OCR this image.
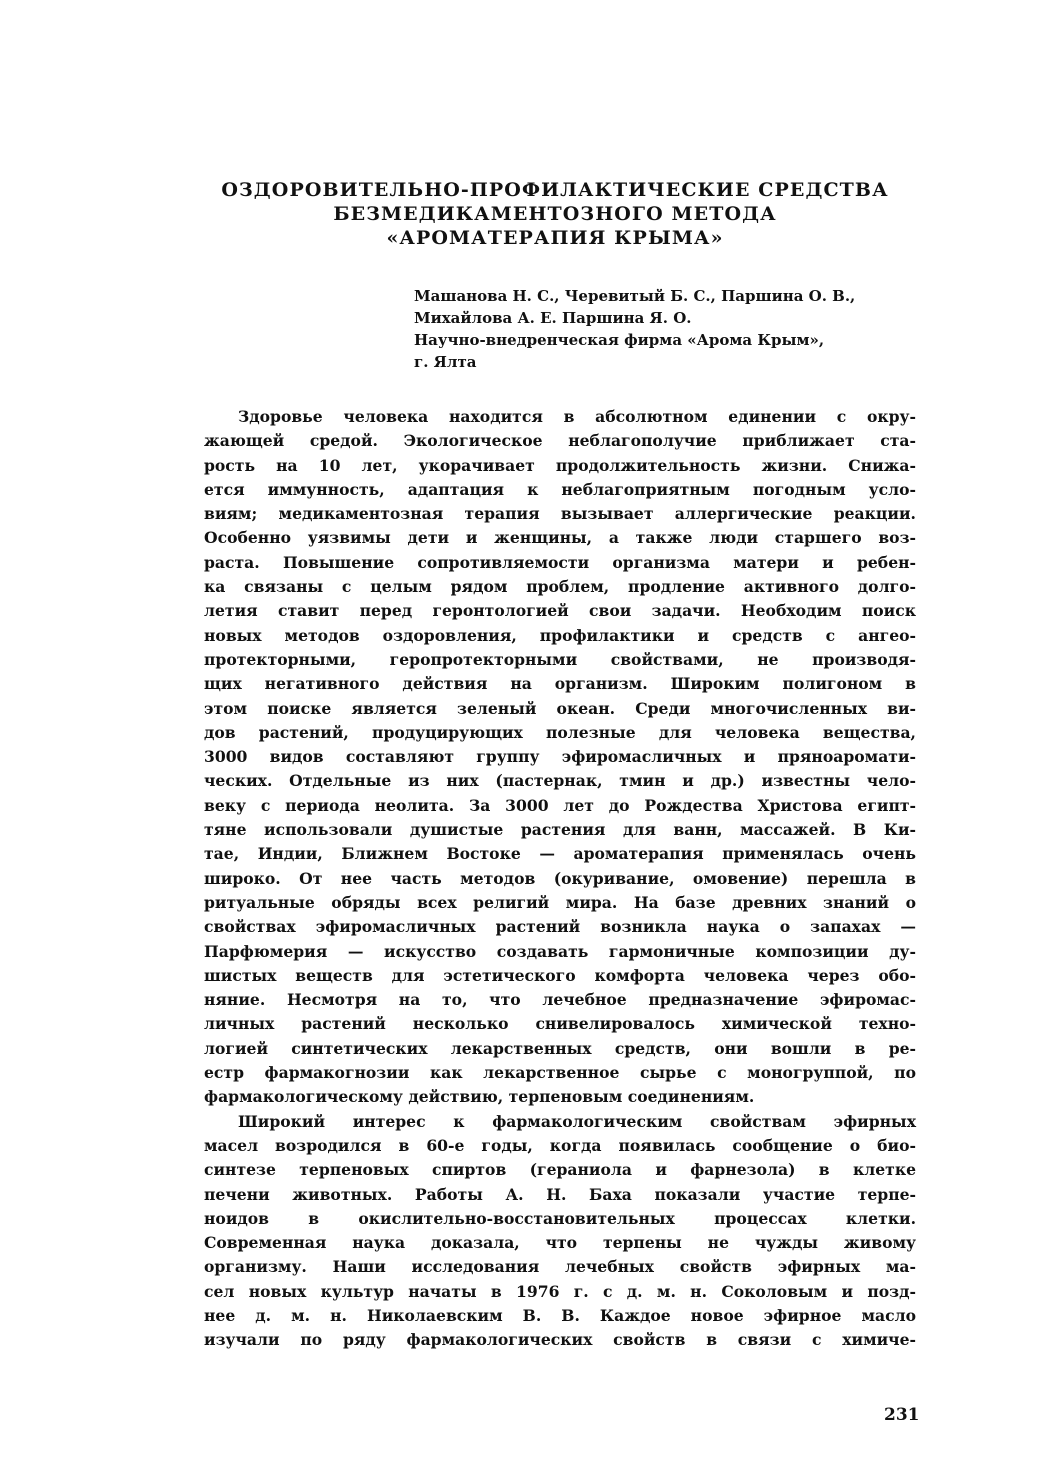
ОЗДОРОВИТЕЛЬНО-ПРОФИЛАКТИЧЕСКИЕ СРЕДСТВА
БЕЗМЕДИКАМЕНТОЗНОГО МЕТОДА
«АРОМАТЕРАПИЯ КРЫМА»
Машанова Н. С., Черевитый Б. С., Паршина О. В.,
Михайлова А. Е. Паршина Я. О.
Научно-внедренческая фирма «Арома Крым»,
г. Ялта

Здоровье человека находится в абсолютном единении с окру-
жающей средой. Экологическое неблагополучие приближает ста-
рость на 10 лет, укорачивает продолжительность жизни. Снижа-
ется иммунность, адаптация к неблагоприятным погодным усло-
виям; медикаментозная терапия вызывает аллергические реакции.
Особенно уязвимы дети и женщины, а также люди старшего воз-
раста. Повышение сопротивляемости организма матери и ребен-
ка связаны с целым рядом проблем, продление активного долго-
летия ставит перед геронтологией свои задачи. Необходим поиск
новых методов оздоровления, профилактики и средств с ангео-
протекторными, геропротекторными свойствами, не производя-
щих негативного действия на организм. Широким полигоном в
этом поиске является зеленый океан. Среди многочисленных ви-
дов растений, продуцирующих полезные для человека вещества,
3000 видов составляют группу эфиромасличных и пряноаромати-
ческих. Отдельные из них (пастернак, тмин и др.) известны чело-
веку с периода неолита. За 3000 лет до Рождества Христова египт-
тяне использовали душистые растения для ванн, массажей. В Ки-
тае, Индии, Ближнем Востоке — ароматерапия применялась очень
широко. От нее часть методов (окуривание, омовение) перешла в
ритуальные обряды всех религий мира. На базе древних знаний о
свойствах эфиромасличных растений возникла наука о запахах —
Парфюмерия — искусство создавать гармоничные композиции ду-
шистых веществ для эстетического комфорта человека через обо-
няние. Несмотря на то, что лечебное предназначение эфиромас-
личных растений несколько снивелировалось химической техно-
логией синтетических лекарственных средств, они вошли в ре-
естр фармакогнозии как лекарственное сырье с моногруппой, по
фармакологическому действию, терпеновым соединениям.

Широкий интерес к фармакологическим свойствам эфирных
масел возродился в 60-е годы, когда появилась сообщение о био-
синтезе терпеновых спиртов (гераниола и фарнезола) в клетке
печени животных. Работы А. Н. Баха показали участие терпе-
ноидов в окислительно-восстановительных процессах клетки.
Современная наука доказала, что терпены не чужды живому
организму. Наши исследования лечебных свойств эфирных ма-
сел новых культур начаты в 1976 г. с д. м. н. Соколовым и позд-
нее д. м. н. Николаевским В. В. Каждое новое эфирное масло
изучали по ряду фармакологических свойств в связи с химиче-

231
